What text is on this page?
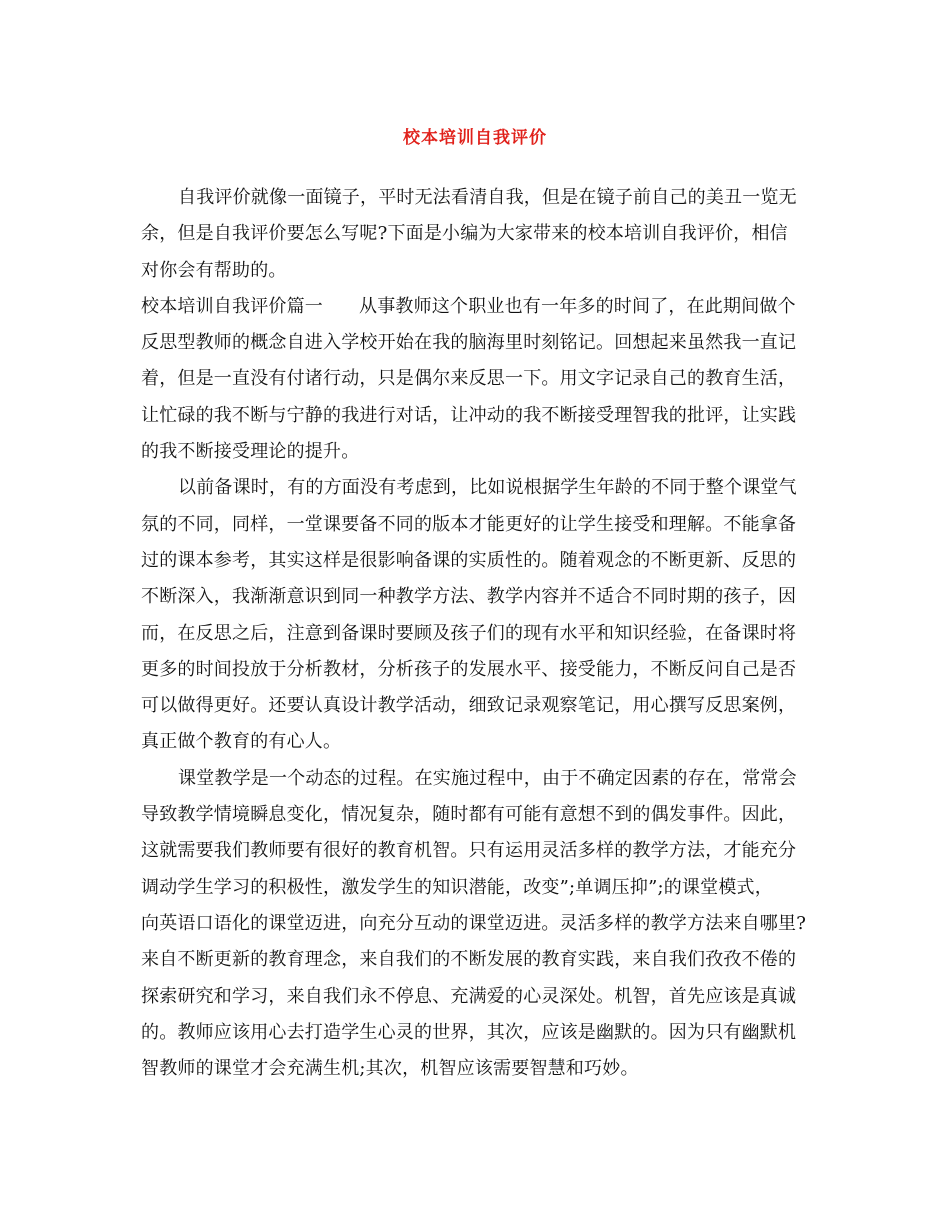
校本培训自我评价
自我评价就像一面镜子，平时无法看清自我，但是在镜子前自己的美丑一览无
余，但是自我评价要怎么写呢?下面是小编为大家带来的校本培训自我评价，相信
对你会有帮助的。
校本培训自我评价篇一 从事教师这个职业也有一年多的时间了，在此期间做个
反思型教师的概念自进入学校开始在我的脑海里时刻铭记。回想起来虽然我一直记
着，但是一直没有付诸行动，只是偶尔来反思一下。用文字记录自己的教育生活，
让忙碌的我不断与宁静的我进行对话，让冲动的我不断接受理智我的批评，让实践
的我不断接受理论的提升。
以前备课时，有的方面没有考虑到，比如说根据学生年龄的不同于整个课堂气
氛的不同，同样，一堂课要备不同的版本才能更好的让学生接受和理解。不能拿备
过的课本参考，其实这样是很影响备课的实质性的。随着观念的不断更新、反思的
不断深入，我渐渐意识到同一种教学方法、教学内容并不适合不同时期的孩子，因
而，在反思之后，注意到备课时要顾及孩子们的现有水平和知识经验，在备课时将
更多的时间投放于分析教材，分析孩子的发展水平、接受能力，不断反问自己是否
可以做得更好。还要认真设计教学活动，细致记录观察笔记，用心撰写反思案例，
真正做个教育的有心人。
课堂教学是一个动态的过程。在实施过程中，由于不确定因素的存在，常常会
导致教学情境瞬息变化，情况复杂，随时都有可能有意想不到的偶发事件。因此，
这就需要我们教师要有很好的教育机智。只有运用灵活多样的教学方法，才能充分
调动学生学习的积极性，激发学生的知识潜能，改变”;单调压抑”;的课堂模式，
向英语口语化的课堂迈进，向充分互动的课堂迈进。灵活多样的教学方法来自哪里?
来自不断更新的教育理念，来自我们的不断发展的教育实践，来自我们孜孜不倦的
探索研究和学习，来自我们永不停息、充满爱的心灵深处。机智，首先应该是真诚
的。教师应该用心去打造学生心灵的世界，其次，应该是幽默的。因为只有幽默机
智教师的课堂才会充满生机;其次，机智应该需要智慧和巧妙。
